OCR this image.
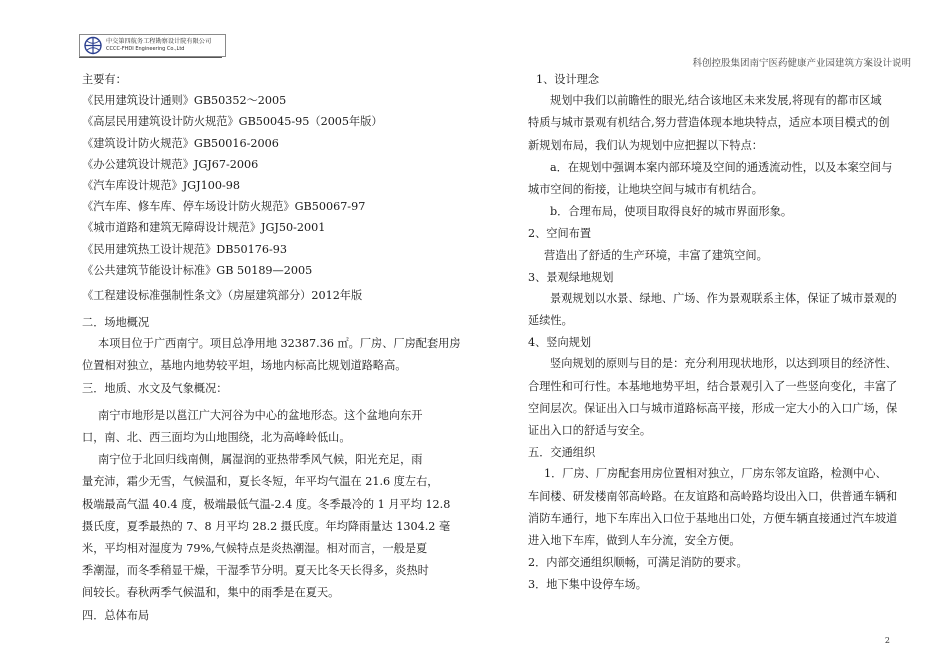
中交第四航务工程勘察设计院有限公司
CCCC-FHDI Engineering Co.,Ltd
科创控股集团南宁医药健康产业园建筑方案设计说明
主要有：
《民用建筑设计通则》GB50352～2005
《高层民用建筑设计防火规范》GB50045-95（2005年版）
《建筑设计防火规范》GB50016-2006
《办公建筑设计规范》JGJ67-2006
《汽车库设计规范》JGJ100-98
《汽车库、修车库、停车场设计防火规范》GB50067-97
《城市道路和建筑无障碍设计规范》JGJ50-2001
《民用建筑热工设计规范》DB50176-93
《公共建筑节能设计标准》GB 50189—2005
《工程建设标准强制性条文》（房屋建筑部分）2012年版
二．场地概况
本项目位于广西南宁。项目总净用地 32387.36 ㎡。厂房、厂房配套用房
位置相对独立，基地内地势较平坦，场地内标高比规划道路略高。
三．地质、水文及气象概况：
南宁市地形是以邕江广大河谷为中心的盆地形态。这个盆地向东开
口，南、北、西三面均为山地围绕，北为高峰岭低山。
南宁位于北回归线南侧，属湿润的亚热带季风气候，阳光充足，雨
量充沛，霜少无雪，气候温和，夏长冬短，年平均气温在 21.6 度左右，
极端最高气温 40.4 度，极端最低气温-2.4 度。冬季最冷的 1 月平均 12.8
摄氏度，夏季最热的 7、8 月平均 28.2 摄氏度。年均降雨量达 1304.2 毫
米，平均相对湿度为 79%,气候特点是炎热潮湿。相对而言，一般是夏
季潮湿，而冬季稍显干燥，干湿季节分明。夏天比冬天长得多，炎热时
间较长。春秋两季气候温和，集中的雨季是在夏天。
四．总体布局
1、设计理念
规划中我们以前瞻性的眼光,结合该地区未来发展,将现有的都市区域
特质与城市景观有机结合,努力营造体现本地块特点，适应本项目模式的创
新规划布局，我们认为规划中应把握以下特点：
a．在规划中强调本案内部环境及空间的通透流动性，以及本案空间与
城市空间的衔接，让地块空间与城市有机结合。
b．合理布局，使项目取得良好的城市界面形象。
2、空间布置
营造出了舒适的生产环境，丰富了建筑空间。
3、景观绿地规划
景观规划以水景、绿地、广场、作为景观联系主体，保证了城市景观的
延续性。
4、竖向规划
竖向规划的原则与目的是：充分利用现状地形，以达到项目的经济性、
合理性和可行性。本基地地势平坦，结合景观引入了一些竖向变化，丰富了
空间层次。保证出入口与城市道路标高平接，形成一定大小的入口广场，保
证出入口的舒适与安全。
五．交通组织
1．厂房、厂房配套用房位置相对独立，厂房东邻友谊路，检测中心、
车间楼、研发楼南邻高岭路。在友谊路和高岭路均设出入口，供普通车辆和
消防车通行，地下车库出入口位于基地出口处，方便车辆直接通过汽车坡道
进入地下车库，做到人车分流，安全方便。
2．内部交通组织顺畅，可满足消防的要求。
3．地下集中设停车场。
2
